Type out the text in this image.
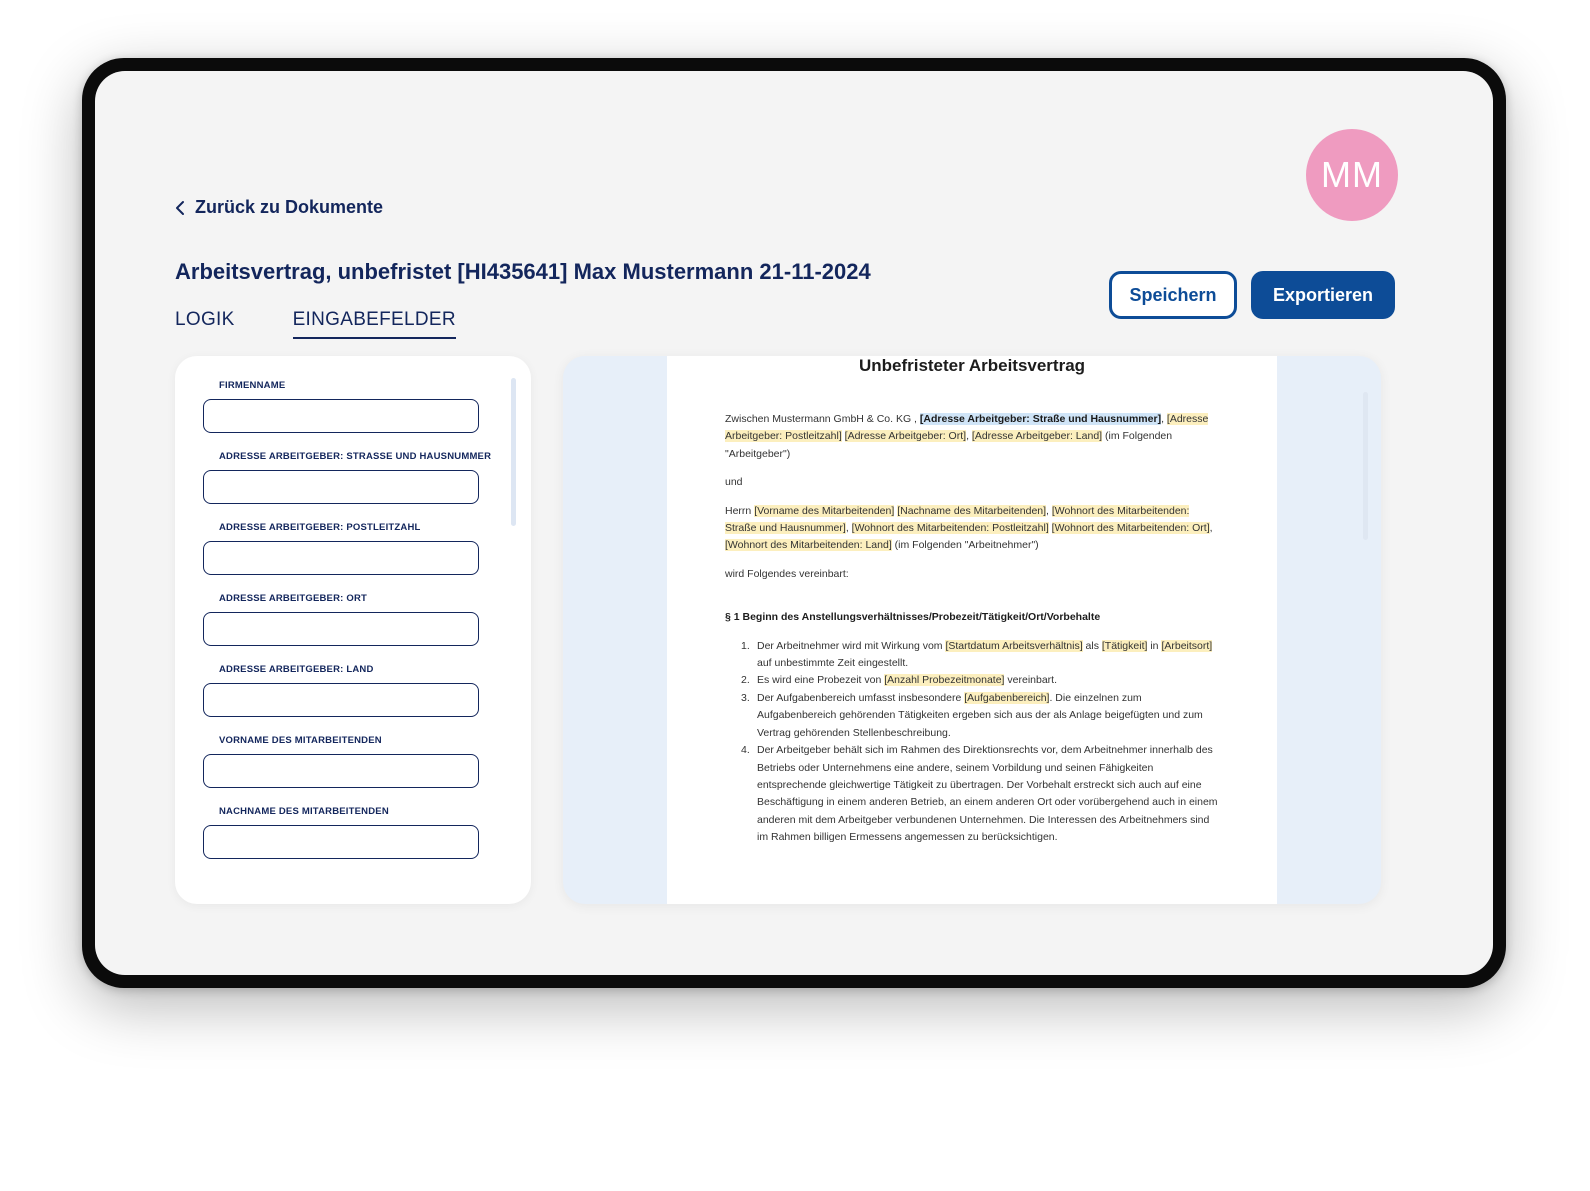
MM
Zurück zu Dokumente
Arbeitsvertrag, unbefristet [HI435641] Max Mustermann 21-11-2024
LOGIK	EINGABEFELDER
Speichern	Exportieren
FIRMENNAME
ADRESSE ARBEITGEBER: STRASSE UND HAUSNUMMER
ADRESSE ARBEITGEBER: POSTLEITZAHL
ADRESSE ARBEITGEBER: ORT
ADRESSE ARBEITGEBER: LAND
VORNAME DES MITARBEITENDEN
NACHNAME DES MITARBEITENDEN
Unbefristeter Arbeitsvertrag

Zwischen Mustermann GmbH & Co. KG , [Adresse Arbeitgeber: Straße und Hausnummer], [Adresse Arbeitgeber: Postleitzahl] [Adresse Arbeitgeber: Ort], [Adresse Arbeitgeber: Land] (im Folgenden "Arbeitgeber")

und

Herrn [Vorname des Mitarbeitenden] [Nachname des Mitarbeitenden], [Wohnort des Mitarbeitenden: Straße und Hausnummer], [Wohnort des Mitarbeitenden: Postleitzahl] [Wohnort des Mitarbeitenden: Ort], [Wohnort des Mitarbeitenden: Land] (im Folgenden "Arbeitnehmer")

wird Folgendes vereinbart:

§ 1 Beginn des Anstellungsverhältnisses/Probezeit/Tätigkeit/Ort/Vorbehalte

1. Der Arbeitnehmer wird mit Wirkung vom [Startdatum Arbeitsverhältnis] als [Tätigkeit] in [Arbeitsort] auf unbestimmte Zeit eingestellt.
2. Es wird eine Probezeit von [Anzahl Probezeitmonate] vereinbart.
3. Der Aufgabenbereich umfasst insbesondere [Aufgabenbereich]. Die einzelnen zum Aufgabenbereich gehörenden Tätigkeiten ergeben sich aus der als Anlage beigefügten und zum Vertrag gehörenden Stellenbeschreibung.
4. Der Arbeitgeber behält sich im Rahmen des Direktionsrechts vor, dem Arbeitnehmer innerhalb des Betriebs oder Unternehmens eine andere, seinem Vorbildung und seinen Fähigkeiten entsprechende gleichwertige Tätigkeit zu übertragen. Der Vorbehalt erstreckt sich auch auf eine Beschäftigung in einem anderen Betrieb, an einem anderen Ort oder vorübergehend auch in einem anderen mit dem Arbeitgeber verbundenen Unternehmen. Die Interessen des Arbeitnehmers sind im Rahmen billigen Ermessens angemessen zu berücksichtigen.
